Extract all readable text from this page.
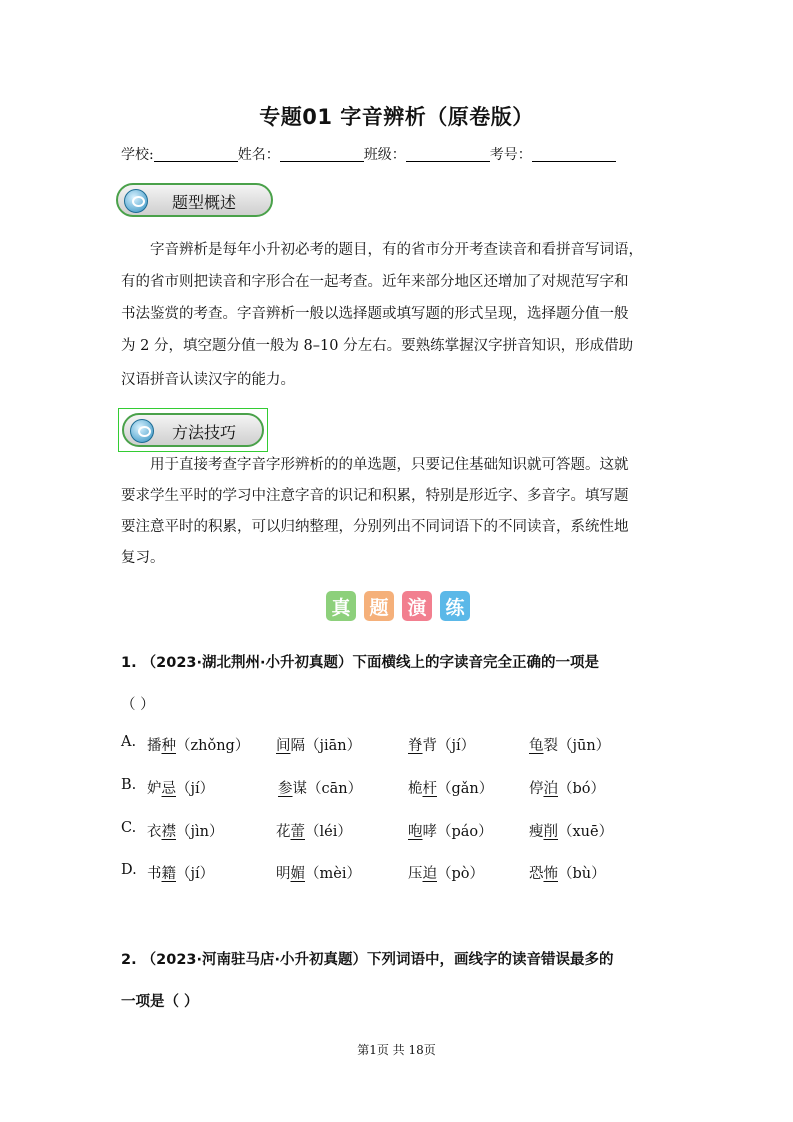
专题01 字音辨析（原卷版）
学校:	姓名：	班级：	考号：
题型概述
字音辨析是每年小升初必考的题目，有的省市分开考查读音和看拼音写词语，
有的省市则把读音和字形合在一起考查。近年来部分地区还增加了对规范写字和
书法鉴赏的考查。字音辨析一般以选择题或填写题的形式呈现，选择题分值一般
为 2 分，填空题分值一般为 8–10 分左右。要熟练掌握汉字拼音知识，形成借助
汉语拼音认读汉字的能力。
方法技巧
用于直接考查字音字形辨析的的单选题，只要记住基础知识就可答题。这就
要求学生平时的学习中注意字音的识记和积累，特别是形近字、多音字。填写题
要注意平时的积累，可以归纳整理，分别列出不同词语下的不同读音，系统性地
复习。
真 题 演 练
1. （2023·湖北荆州·小升初真题）下面横线上的字读音完全正确的一项是
（ ）
A. 播种（zhǒng） 间隔（jiān）	脊背（jí）	龟裂（jūn）
B. 妒忌（jí）	参谋（cān）	桅杆（gǎn） 停泊（bó）
C. 衣襟（jìn）	花蕾（léi）	咆哮（páo）	瘦削（xuē）
D. 书籍（jí）	明媚（mèi）	压迫（pò）	恐怖（bù）
2. （2023·河南驻马店·小升初真题）下列词语中，画线字的读音错误最多的
一项是（ ）
第1页 共 18页
